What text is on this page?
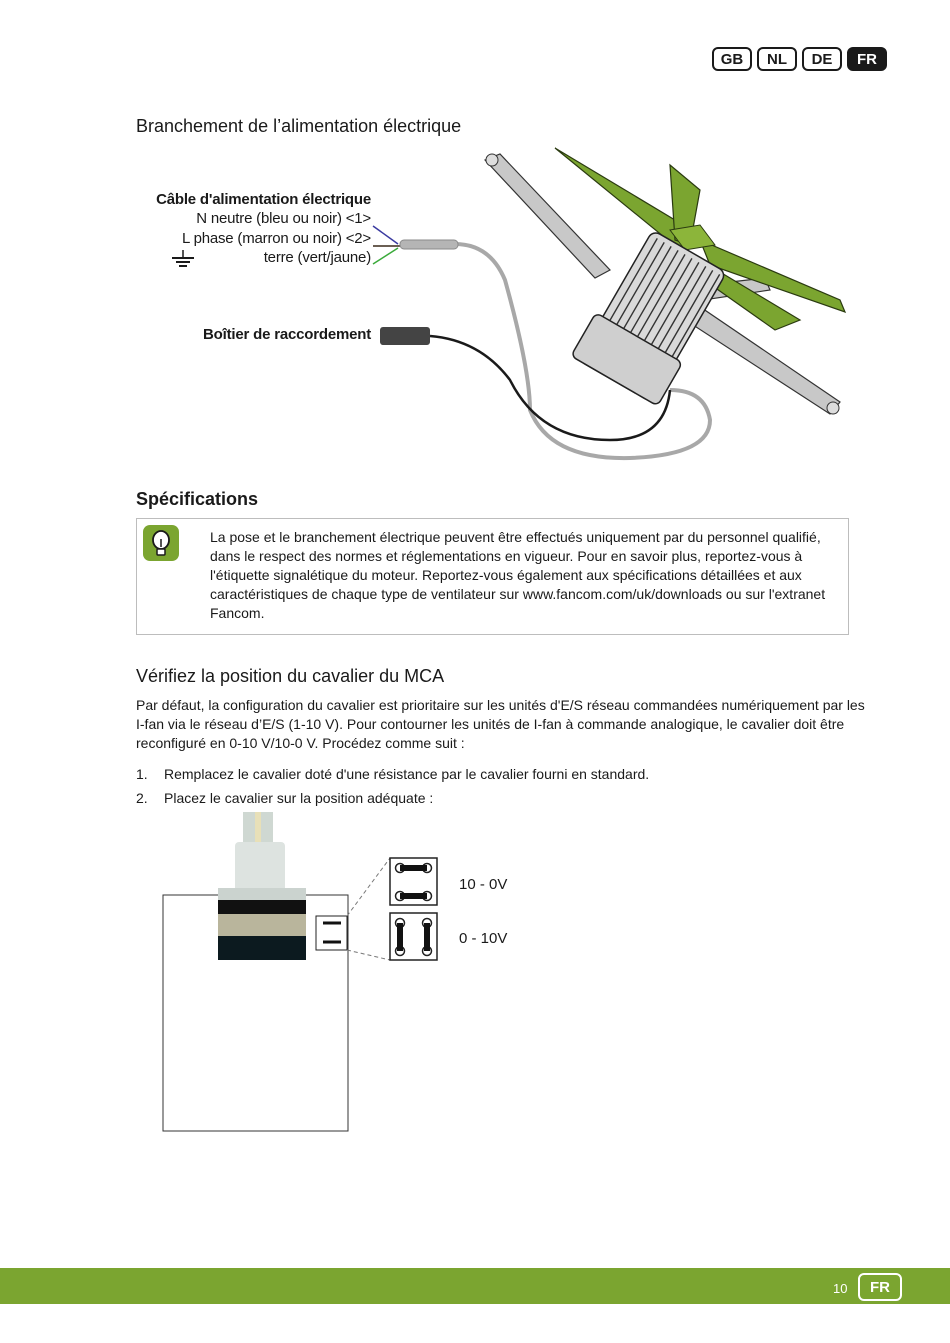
GB	NL	DE	FR
Branchement de l’alimentation électrique
Câble d'alimentation électrique
N neutre (bleu ou noir) <1>
L phase (marron ou noir) <2>
terre (vert/jaune)
Boîtier de raccordement
Spécifications
La pose et le branchement électrique peuvent être effectués uniquement par du personnel qualifié, dans le respect des normes et réglementations en vigueur. Pour en savoir plus, reportez-vous à l'étiquette signalétique du moteur. Reportez-vous également aux spécifications détaillées et aux caractéristiques de chaque type de ventilateur sur www.fancom.com/uk/downloads ou sur l'extranet Fancom.
Vérifiez la position du cavalier du MCA
Par défaut, la configuration du cavalier est prioritaire sur les unités d'E/S réseau commandées numériquement par les I-fan via le réseau d’E/S (1-10 V). Pour contourner les unités de I-fan à commande analogique, le cavalier doit être reconfiguré en 0-10 V/10-0 V. Procédez comme suit :
1.	Remplacez le cavalier doté d'une résistance par le cavalier fourni en standard.
2.	Placez le cavalier sur la position adéquate :
10 - 0V
0 - 10V
10	FR
